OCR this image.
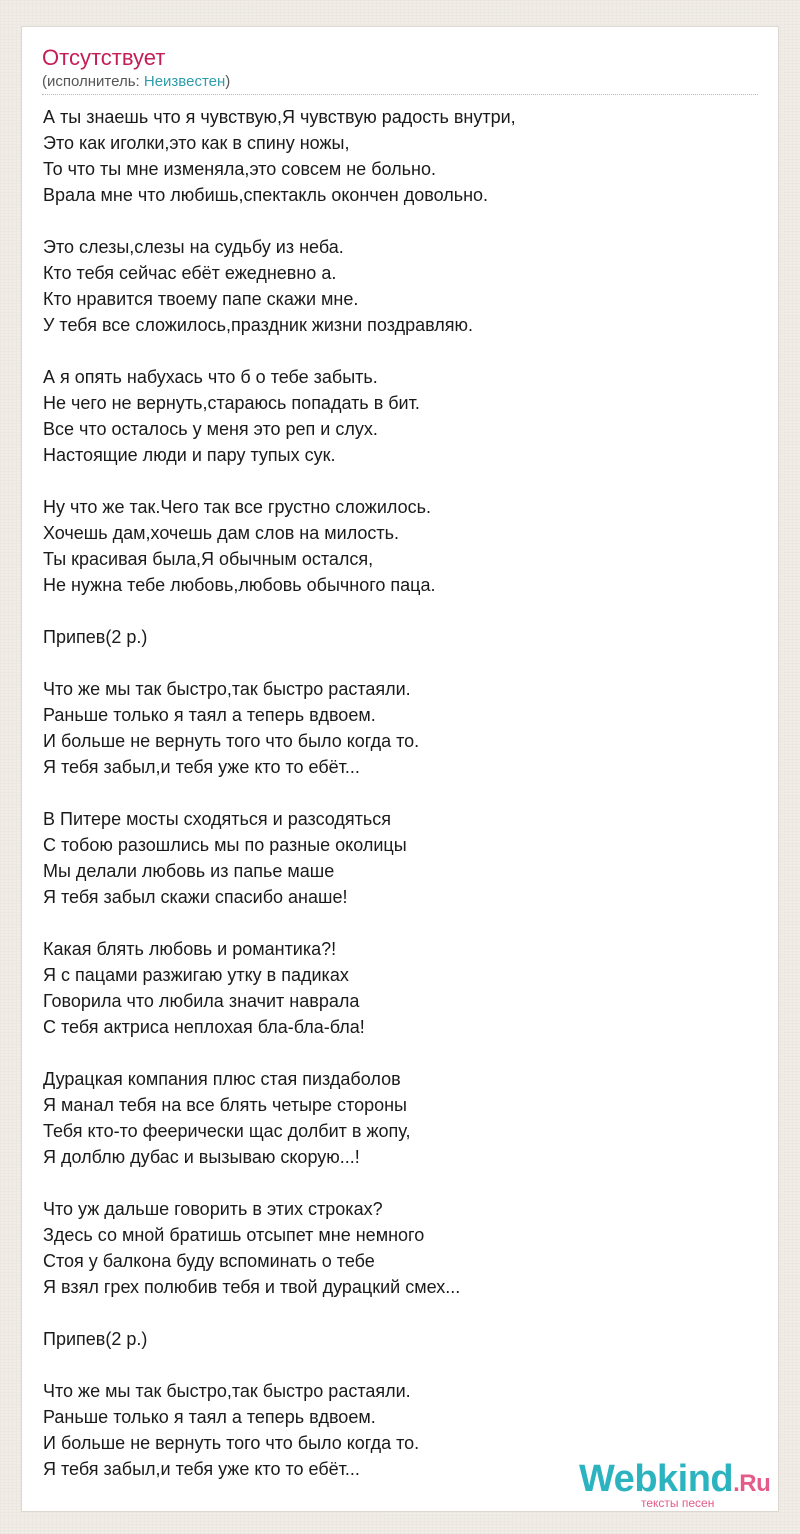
Отсутствует
(исполнитель: Неизвестен)
А ты знаешь что я чувствую,Я чувствую радость внутри,
Это как иголки,это как в спину ножы,
То что ты мне изменяла,это совсем не больно.
Врала мне что любишь,спектакль окончен довольно.

Это слезы,слезы на судьбу из неба.
Кто тебя сейчас ебёт ежедневно а.
Кто нравится твоему папе скажи мне.
У тебя все сложилось,праздник жизни поздравляю.

А я опять набухась что б о тебе забыть.
Не чего не вернуть,стараюсь попадать в бит.
Все что осталось у меня это реп и слух.
Настоящие люди и пару тупых сук.

Ну что же так.Чего так все грустно сложилось.
Хочешь дам,хочешь дам слов на милость.
Ты красивая была,Я обычным остался,
Не нужна тебе любовь,любовь обычного паца.

Припев(2 р.)

Что же мы так быстро,так быстро растаяли.
Раньше только я таял а теперь вдвоем.
И больше не вернуть того что было когда то.
Я тебя забыл,и тебя уже кто то ебёт...

В Питере мосты сходяться и разсодяться
С тобою разошлись мы по разные околицы
Мы делали любовь из папье маше
Я тебя забыл скажи спасибо анаше!

Какая блять любовь и романтика?!
Я с пацами разжигаю утку в падиках
Говорила что любила значит наврала
С тебя актриса неплохая бла-бла-бла!

Дурацкая компания плюс стая пиздаболов
Я манал тебя на все блять четыре стороны
Тебя кто-то феерически щас долбит в жопу,
Я долблю дубас и вызываю скорую...!

Что уж дальше говорить в этих строках?
Здесь со мной братишь отсыпет мне немного
Стоя у балкона буду вспоминать о тебе
Я взял грех полюбив тебя и твой дурацкий смех...

Припев(2 р.)

Что же мы так быстро,так быстро растаяли.
Раньше только я таял а теперь вдвоем.
И больше не вернуть того что было когда то.
Я тебя забыл,и тебя уже кто то ебёт...	Webkind.Ru
тексты песен
